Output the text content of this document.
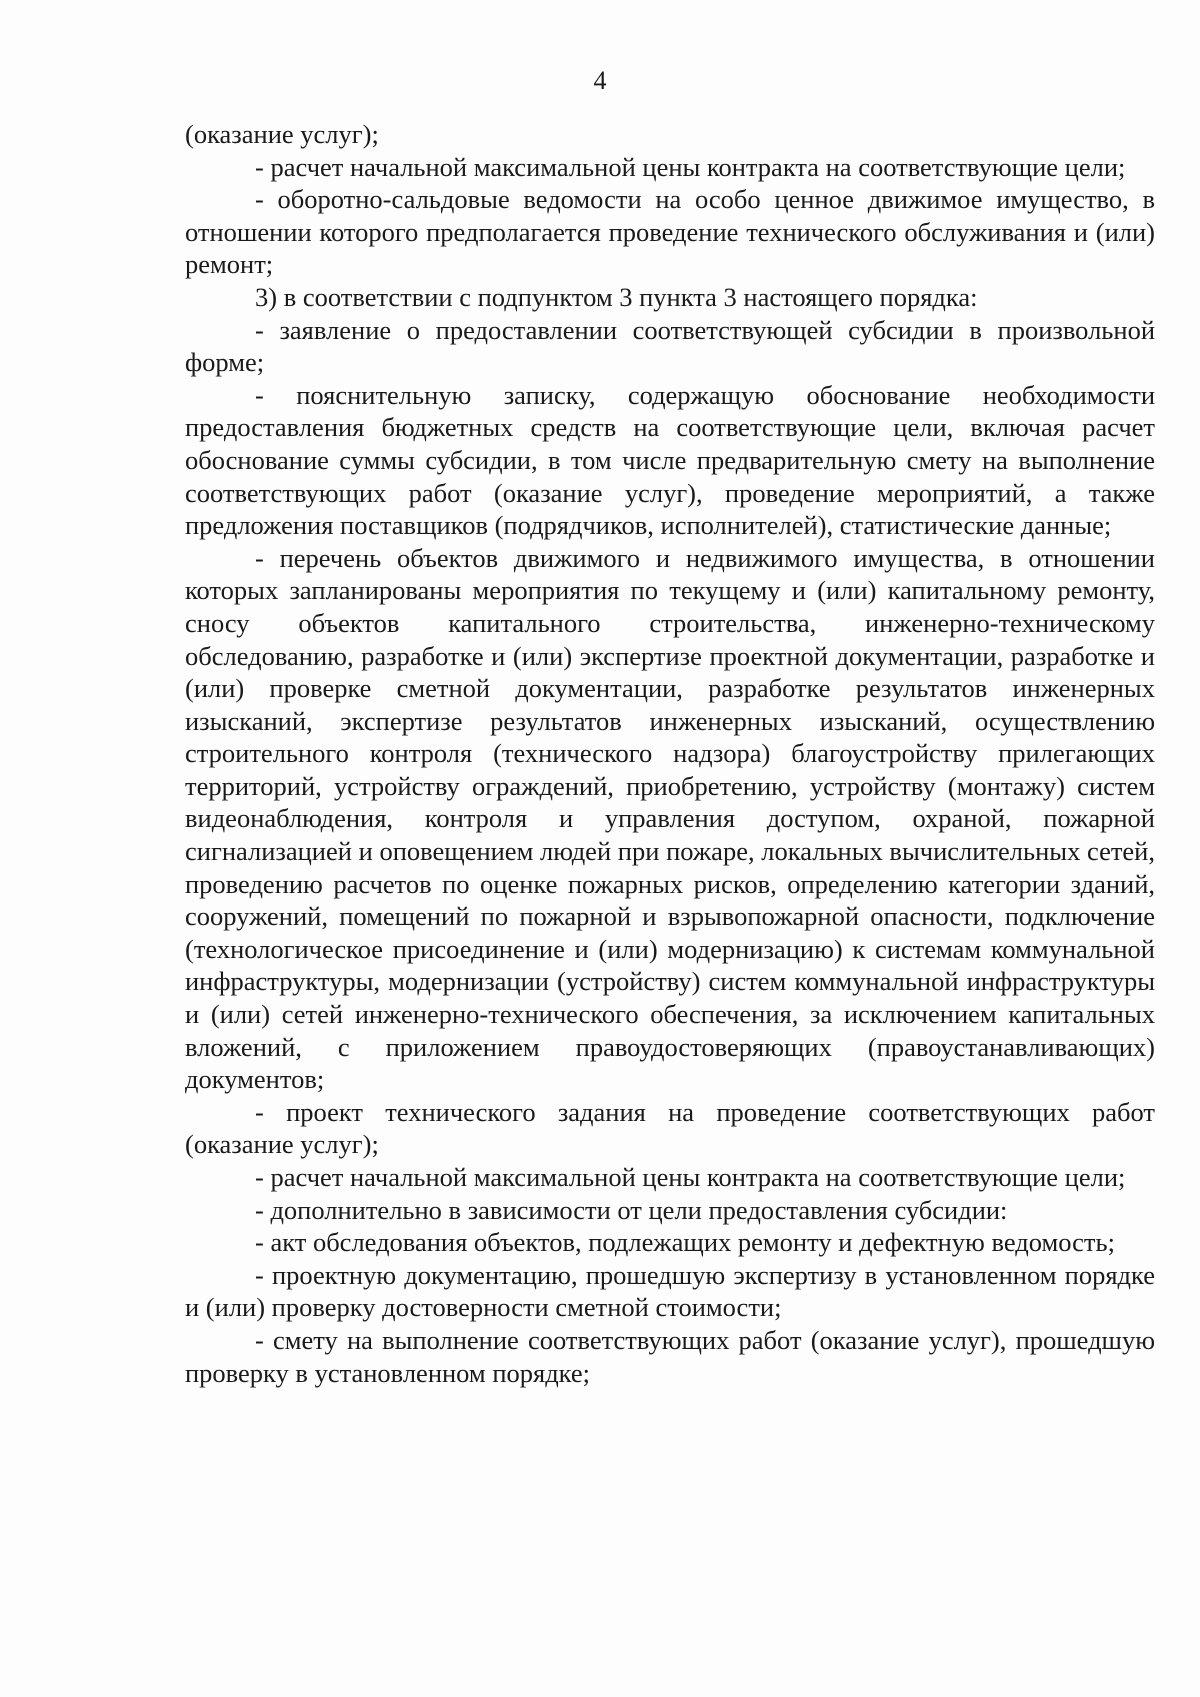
4

(оказание услуг);

- расчет начальной максимальной цены контракта на соответствующие цели;

- оборотно-сальдовые ведомости на особо ценное движимое имущество, в отношении которого предполагается проведение технического обслуживания и (или) ремонт;

3) в соответствии с подпунктом 3 пункта 3 настоящего порядка:

- заявление о предоставлении соответствующей субсидии в произвольной форме;

- пояснительную записку, содержащую обоснование необходимости предоставления бюджетных средств на соответствующие цели, включая расчет обоснование суммы субсидии, в том числе предварительную смету на выполнение соответствующих работ (оказание услуг), проведение мероприятий, а также предложения поставщиков (подрядчиков, исполнителей), статистические данные;

- перечень объектов движимого и недвижимого имущества, в отношении которых запланированы мероприятия по текущему и (или) капитальному ремонту, сносу объектов капитального строительства, инженерно-техническому обследованию, разработке и (или) экспертизе проектной документации, разработке и (или) проверке сметной документации, разработке результатов инженерных изысканий, экспертизе результатов инженерных изысканий, осуществлению строительного контроля (технического надзора) благоустройству прилегающих территорий, устройству ограждений, приобретению, устройству (монтажу) систем видеонаблюдения, контроля и управления доступом, охраной, пожарной сигнализацией и оповещением людей при пожаре, локальных вычислительных сетей, проведению расчетов по оценке пожарных рисков, определению категории зданий, сооружений, помещений по пожарной и взрывопожарной опасности, подключение (технологическое присоединение и (или) модернизацию) к системам коммунальной инфраструктуры, модернизации (устройству) систем коммунальной инфраструктуры и (или) сетей инженерно-технического обеспечения, за исключением капитальных вложений, с приложением правоудостоверяющих (правоустанавливающих) документов;

- проект технического задания на проведение соответствующих работ (оказание услуг);

- расчет начальной максимальной цены контракта на соответствующие цели;

- дополнительно в зависимости от цели предоставления субсидии:

- акт обследования объектов, подлежащих ремонту и дефектную ведомость;

- проектную документацию, прошедшую экспертизу в установленном порядке и (или) проверку достоверности сметной стоимости;

- смету на выполнение соответствующих работ (оказание услуг), прошедшую проверку в установленном порядке;
